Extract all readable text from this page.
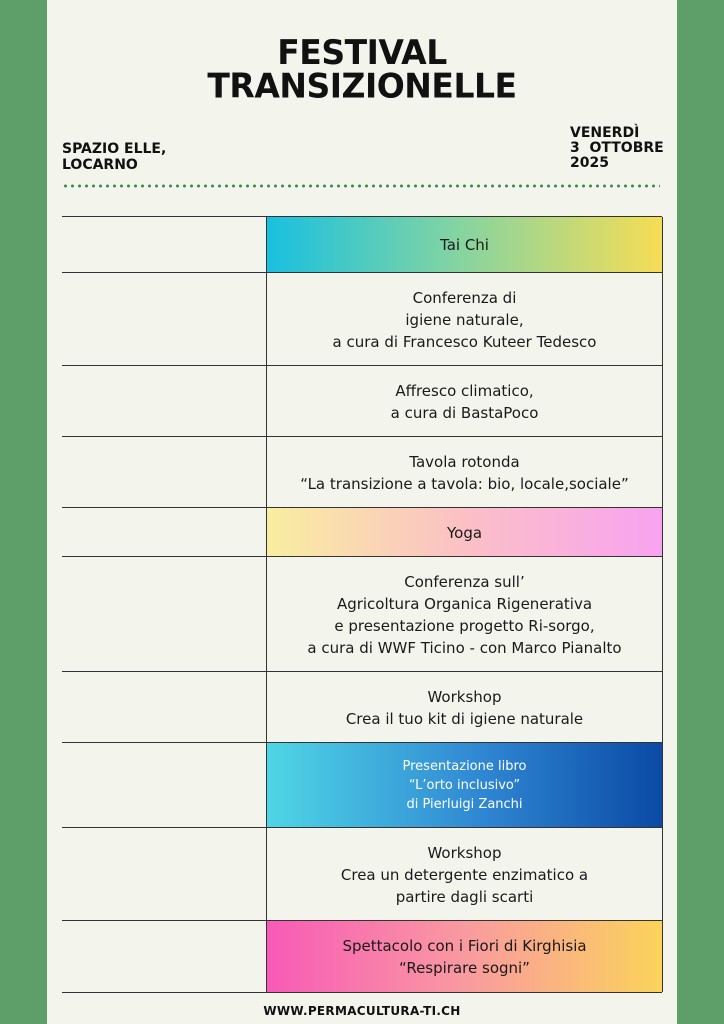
FESTIVAL
TRANSIZIONELLE
SPAZIO ELLE,
LOCARNO
VENERDÌ
3  OTTOBRE
2025
Tai Chi
Conferenza di
igiene naturale,
a cura di Francesco Kuteer Tedesco
Affresco climatico,
a cura di BastaPoco
Tavola rotonda
“La transizione a tavola: bio, locale,sociale”
Yoga
Conferenza sull’
Agricoltura Organica Rigenerativa
e presentazione progetto Ri-sorgo,
a cura di WWF Ticino - con Marco Pianalto
Workshop
Crea il tuo kit di igiene naturale
Presentazione libro
“L’orto inclusivo”
di Pierluigi Zanchi
Workshop
Crea un detergente enzimatico a
partire dagli scarti
Spettacolo con i Fiori di Kirghisia
“Respirare sogni”
WWW.PERMACULTURA-TI.CH
